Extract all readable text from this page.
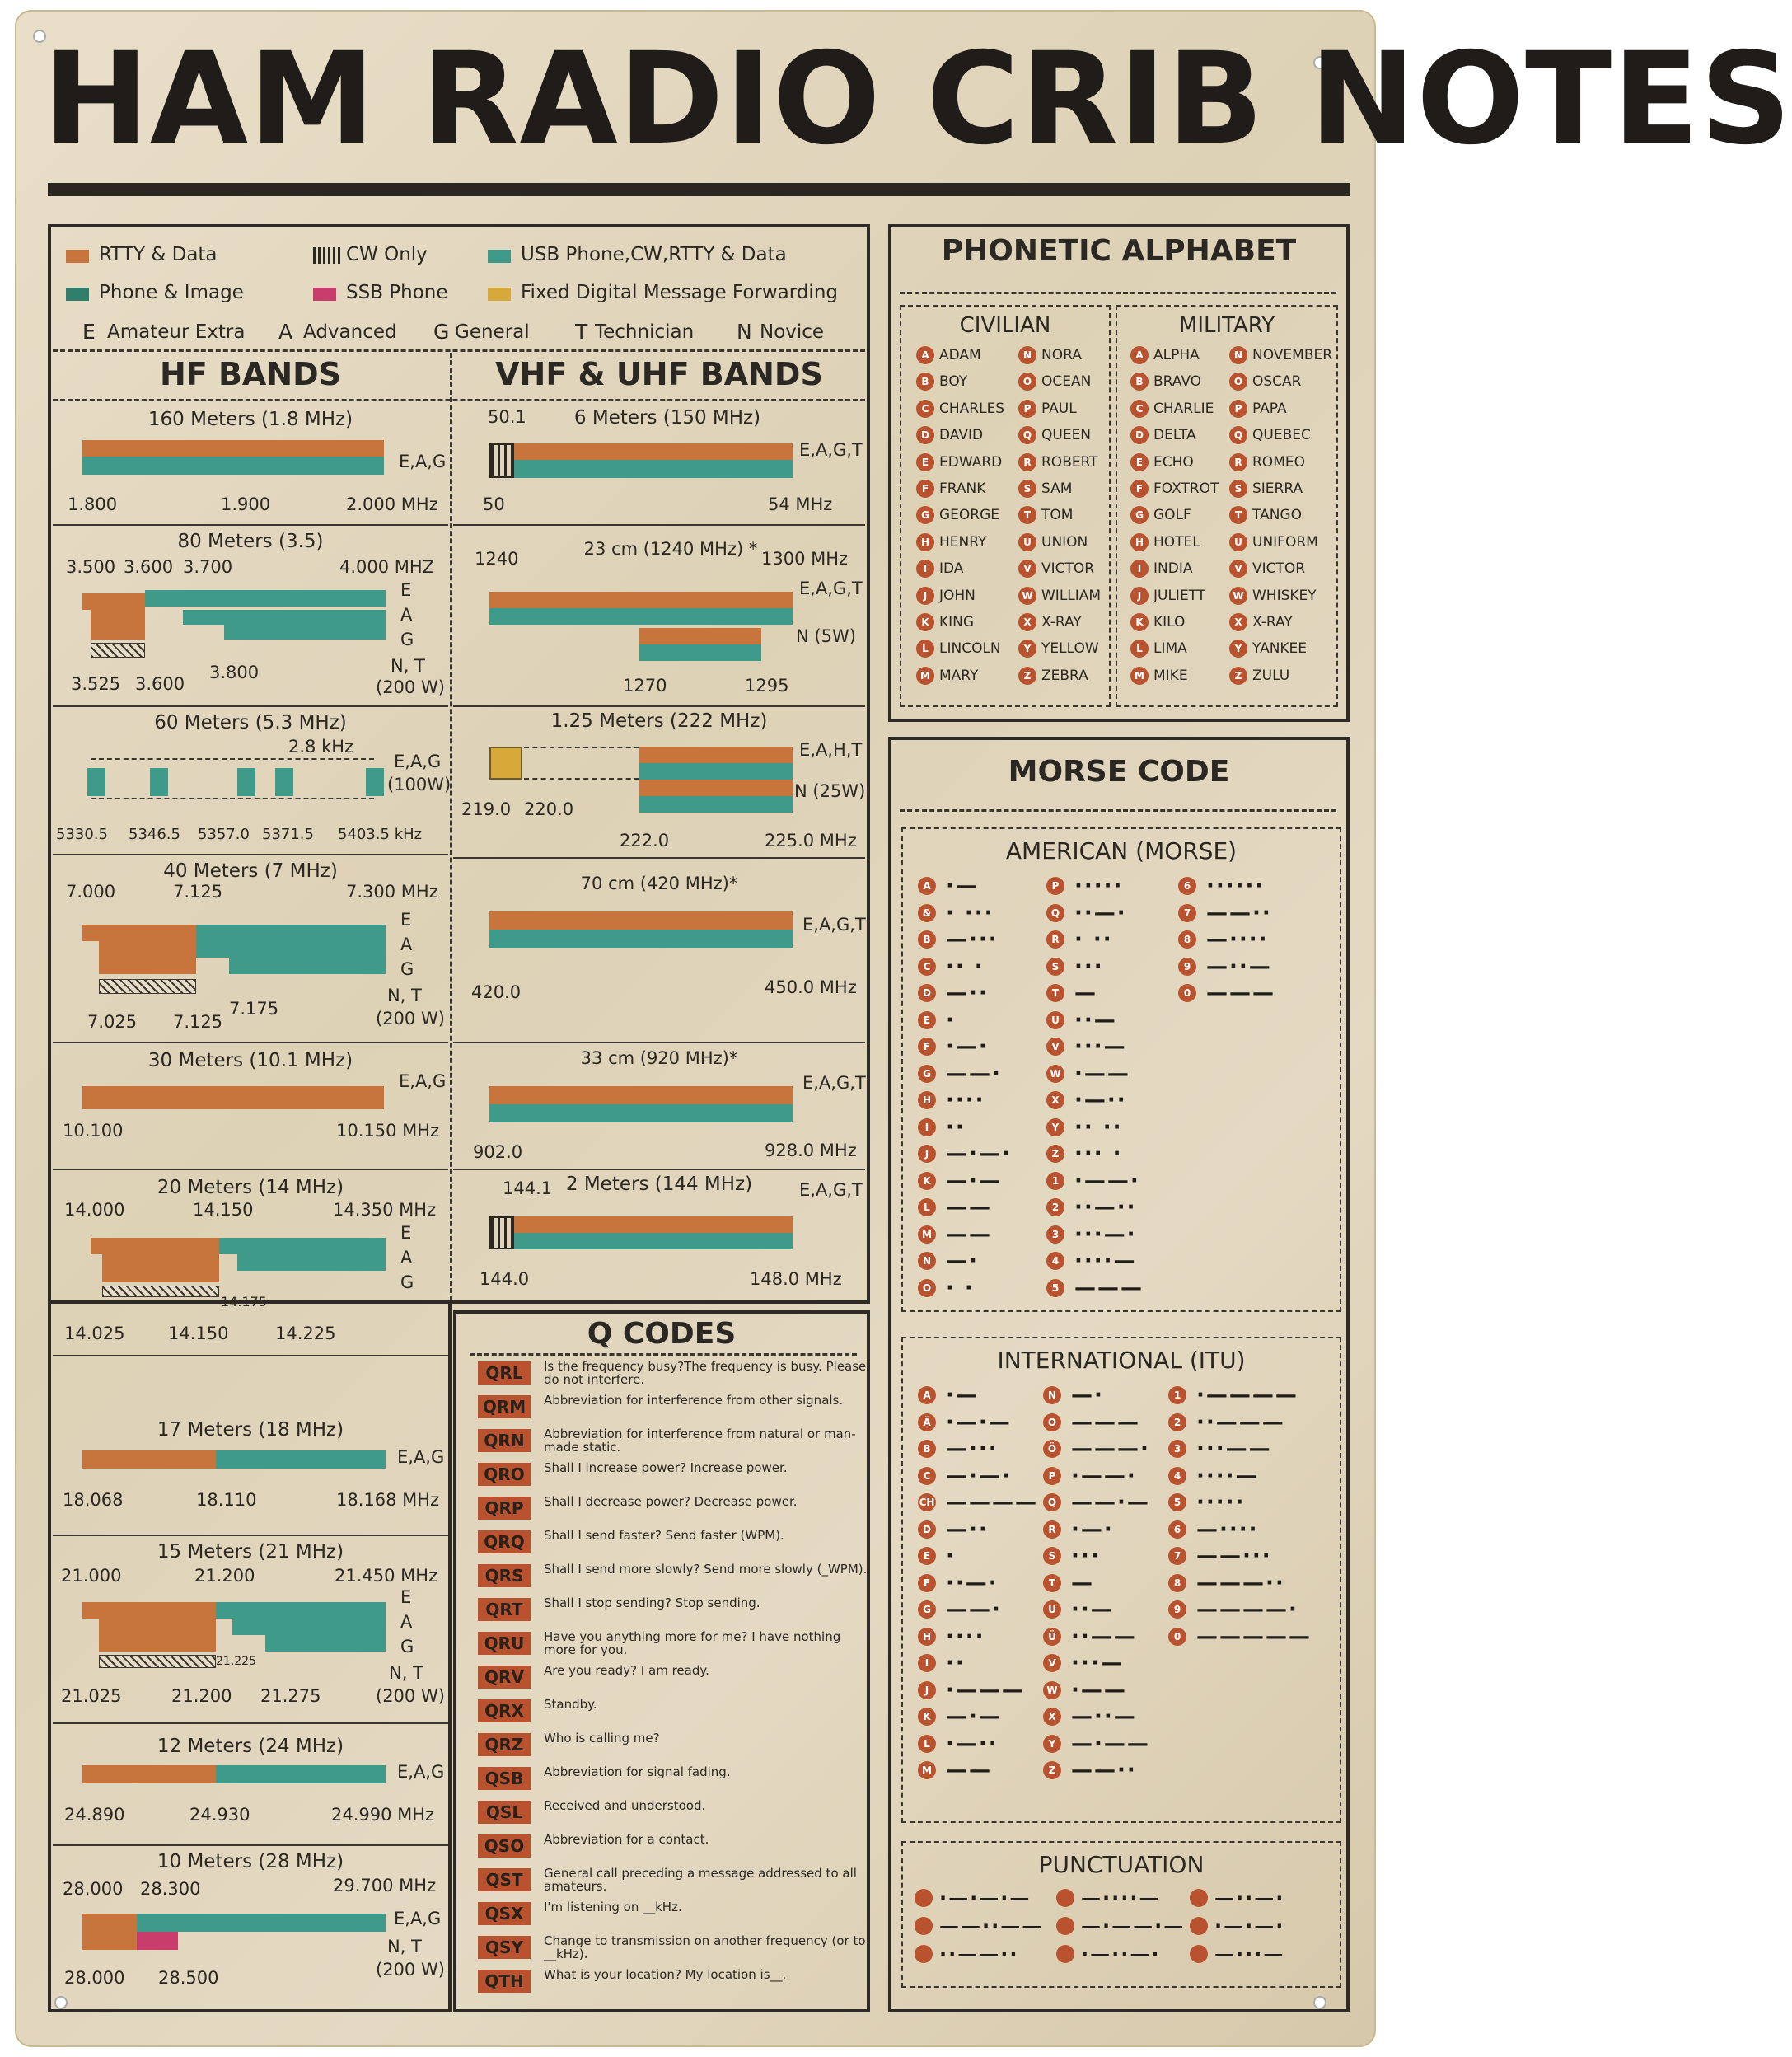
HAM RADIO CRIB NOTES
RTTY & Data	CW Only	USB Phone,CW,RTTY & Data
Phone & Image	SSB Phone	Fixed Digital Message Forwarding
E Amateur Extra A Advanced G General T Technician N Novice
HF BANDS	VHF & UHF BANDS
160 Meters (1.8 MHz)
E,A,G
1.800	1.900	2.000 MHz
80 Meters (3.5)
3.500 3.600 3.700	4.000 MHZ
E
A
G
N, T
(200 W)
3.525 3.600
3.800
60 Meters (5.3 MHz)
2.8 kHz
E,A,G
(100W)
5330.5 5346.5 5357.0 5371.5 5403.5 kHz
40 Meters (7 MHz)
7.000	7.125	7.300 MHz
E
A
G
N, T
(200 W)
7.025 7.125
7.175
30 Meters (10.1 MHz)
E,A,G
10.100	10.150 MHz
20 Meters (14 MHz)
14.000	14.150	14.350 MHz
E
A
G
14.175
14.025	14.150	14.225
17 Meters (18 MHz)
E,A,G
18.068	18.110	18.168 MHz
15 Meters (21 MHz)
21.000	21.200	21.450 MHz
E
A
G
N, T
(200 W)
21.225
21.025	21.200 21.275
12 Meters (24 MHz)
E,A,G
24.890	24.930	24.990 MHz
10 Meters (28 MHz)
28.000 28.300	29.700 MHz
E,A,G
N, T
(200 W)
28.000 28.500
50.1	6 Meters (150 MHz)
E,A,G,T
50	54 MHz
1240	23 cm (1240 MHz) * 1300 MHz
E,A,G,T
N (5W)
1270	1295
1.25 Meters (222 MHz)
E,A,H,T
N (25W)
219.0 220.0
222.0	225.0 MHz
70 cm (420 MHz)*
E,A,G,T
420.0	450.0 MHz
33 cm (920 MHz)*
E,A,G,T
902.0	928.0 MHz
144.1 2 Meters (144 MHz)	E,A,G,T
144.0	148.0 MHz
Q CODES
QRL	Is the frequency busy?The frequency is busy. Please do not interfere.
QRM	Abbreviation for interference from other signals.
QRN	Abbreviation for interference from natural or man-made static.
QRO	Shall I increase power? Increase power.
QRP	Shall I decrease power? Decrease power.
QRQ	Shall I send faster? Send faster (WPM).
QRS	Shall I send more slowly? Send more slowly (_WPM).
QRT	Shall I stop sending? Stop sending.
QRU	Have you anything more for me? I have nothing more for you.
QRV	Are you ready? I am ready.
QRX	Standby.
QRZ	Who is calling me?
QSB	Abbreviation for signal fading.
QSL	Received and understood.
QSO	Abbreviation for a contact.
QST	General call preceding a message addressed to all amateurs.
QSX	I'm listening on __kHz.
QSY	Change to transmission on another frequency (or to __kHz).
QTH	What is your location? My location is__.
PHONETIC ALPHABET
CIVILIAN	MILITARY
A ADAM
B BOY
C CHARLES
D DAVID
E EDWARD
F FRANK
G GEORGE
H HENRY
I IDA
J JOHN
K KING
L LINCOLN
M MARY
N NORA
O OCEAN
P PAUL
Q QUEEN
R ROBERT
S SAM
T TOM
U UNION
V VICTOR
W WILLIAM
X X-RAY
Y YELLOW
Z ZEBRA
A ALPHA
B BRAVO
C CHARLIE
D DELTA
E ECHO
F FOXTROT
G GOLF
H HOTEL
I INDIA
J JULIETT
K KILO
L LIMA
M MIKE
N NOVEMBER
O OSCAR
P PAPA
Q QUEBEC
R ROMEO
S SIERRA
T TANGO
U UNIFORM
V VICTOR
W WHISKEY
X X-RAY
Y YANKEE
Z ZULU
MORSE CODE
AMERICAN (MORSE)
A ·—
& · ···
B —···
C ·· ·
D —··
E ·
F ·—·
G ——·
H ····
I ··
J —·—·
K —·—
L ——
M ——
N —·
O · ·
P ·····
Q ··—·
R · ··
S ···
T —
U ··—
V ···—
W ·——
X ·—··
Y ·· ··
Z ··· ·
1 ·——·
2 ··—··
3 ···—·
4 ····—
5 ———
6 ······
7 ——··
8 —····
9 —··—
0 ———
INTERNATIONAL (ITU)
A ·—
Ä ·—·—
B —···
C —·—·
CH ————
D —··
E ·
F ··—·
G ——·
H ····
I ··
J ·———
K —·—
L ·—··
M ——
N —·
O ———
Ö ———·
P ·——·
Q ——·—
R ·—·
S ···
T —
U ··—
Ü ··——
V ···—
W ·——
X —··—
Y —·——
Z ——··
1 ·————
2 ··———
3 ···——
4 ····—
5 ·····
6 —····
7 ——···
8 ———··
9 ————·
0 —————
PUNCTUATION
·—·—·—
——··——
··——··
—····—
—·——·—
·—··—·
—··—·
·—·—·
—···—
